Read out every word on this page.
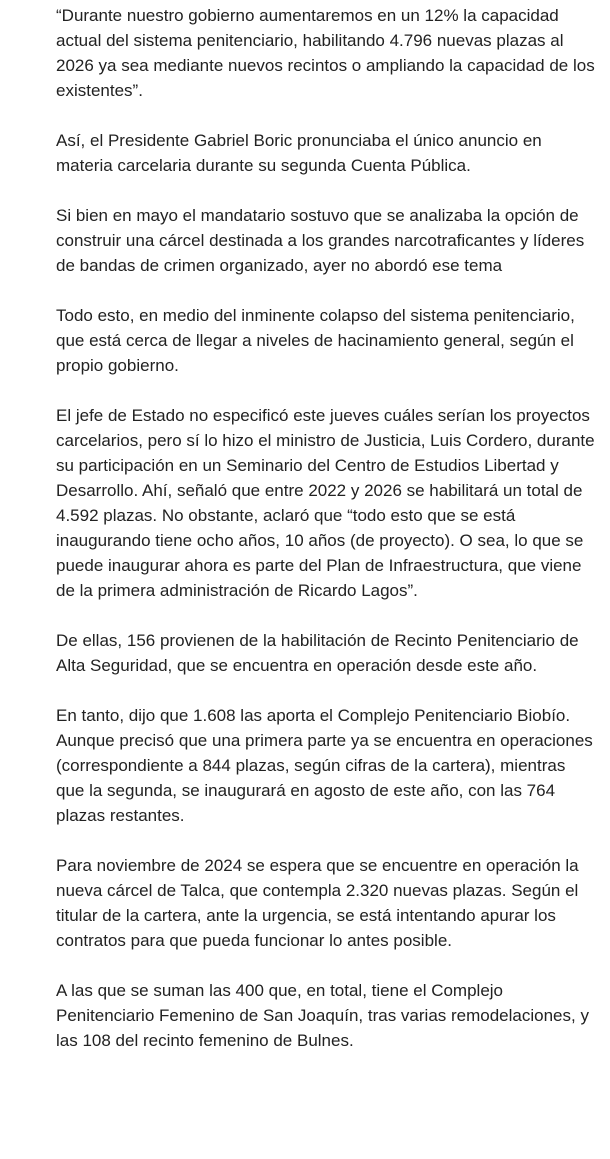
“Durante nuestro gobierno aumentaremos en un 12% la capacidad actual del sistema penitenciario, habilitando 4.796 nuevas plazas al 2026 ya sea mediante nuevos recintos o ampliando la capacidad de los existentes”.

Así, el Presidente Gabriel Boric pronunciaba el único anuncio en materia carcelaria durante su segunda Cuenta Pública.

Si bien en mayo el mandatario sostuvo que se analizaba la opción de construir una cárcel destinada a los grandes narcotraficantes y líderes de bandas de crimen organizado, ayer no abordó ese tema

Todo esto, en medio del inminente colapso del sistema penitenciario, que está cerca de llegar a niveles de hacinamiento general, según el propio gobierno.

El jefe de Estado no especificó este jueves cuáles serían los proyectos carcelarios, pero sí lo hizo el ministro de Justicia, Luis Cordero, durante su participación en un Seminario del Centro de Estudios Libertad y Desarrollo. Ahí, señaló que entre 2022 y 2026 se habilitará un total de 4.592 plazas. No obstante, aclaró que “todo esto que se está inaugurando tiene ocho años, 10 años (de proyecto). O sea, lo que se puede inaugurar ahora es parte del Plan de Infraestructura, que viene de la primera administración de Ricardo Lagos”.

De ellas, 156 provienen de la habilitación de Recinto Penitenciario de Alta Seguridad, que se encuentra en operación desde este año.

En tanto, dijo que 1.608 las aporta el Complejo Penitenciario Biobío. Aunque precisó que una primera parte ya se encuentra en operaciones (correspondiente a 844 plazas, según cifras de la cartera), mientras que la segunda, se inaugurará en agosto de este año, con las 764 plazas restantes.

Para noviembre de 2024 se espera que se encuentre en operación la nueva cárcel de Talca, que contempla 2.320 nuevas plazas. Según el titular de la cartera, ante la urgencia, se está intentando apurar los contratos para que pueda funcionar lo antes posible.

A las que se suman las 400 que, en total, tiene el Complejo Penitenciario Femenino de San Joaquín, tras varias remodelaciones, y las 108 del recinto femenino de Bulnes.
